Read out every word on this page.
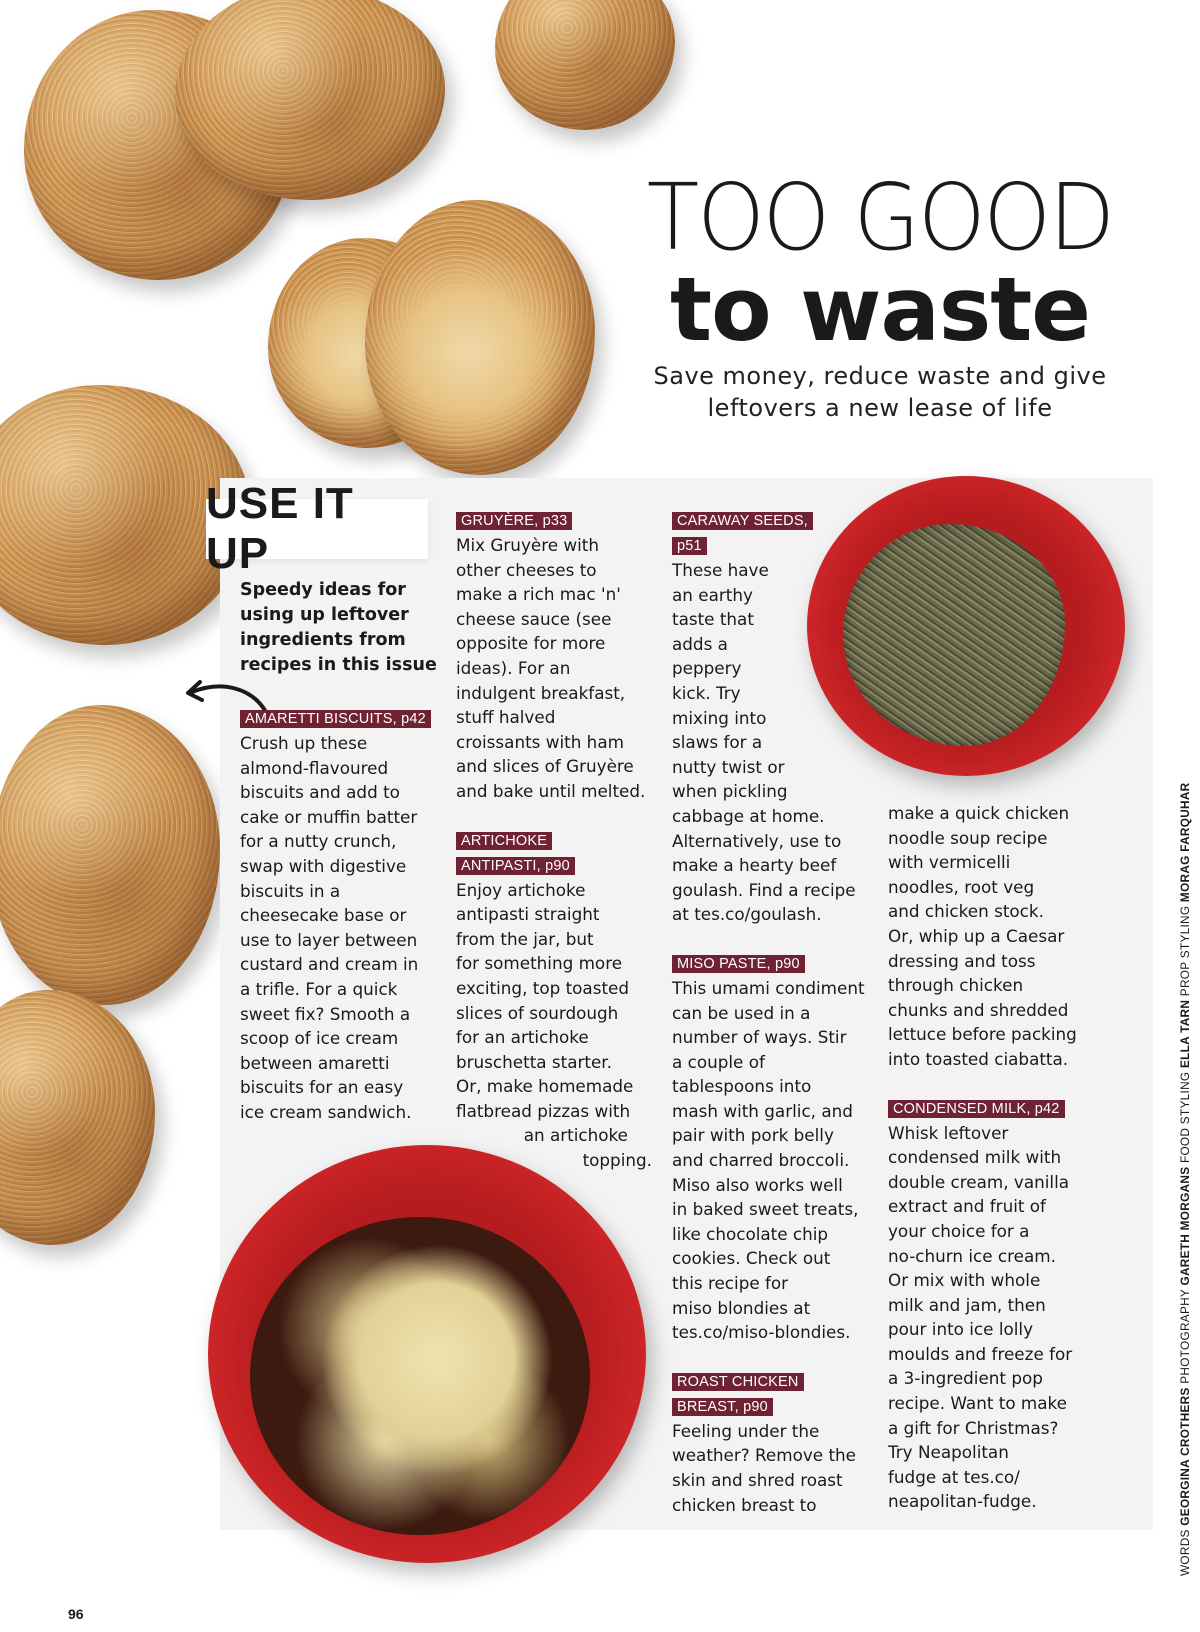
TOO GOOD
to waste
Save money, reduce waste and give
leftovers a new lease of life
USE IT UP
Speedy ideas for
using up leftover
ingredients from
recipes in this issue
AMARETTI BISCUITS, p42

Crush up these

almond-flavoured

biscuits and add to

cake or muffin batter

for a nutty crunch,

swap with digestive

biscuits in a

cheesecake base or

use to layer between

custard and cream in

a trifle. For a quick

sweet fix? Smooth a

scoop of ice cream

between amaretti

biscuits for an easy

ice cream sandwich.

GRUYÈRE, p33

Mix Gruyère with

other cheeses to

make a rich mac 'n'

cheese sauce (see

opposite for more

ideas). For an

indulgent breakfast,

stuff halved

croissants with ham

and slices of Gruyère

and bake until melted.

ARTICHOKE
ANTIPASTI, p90

Enjoy artichoke

antipasti straight

from the jar, but

for something more

exciting, top toasted

slices of sourdough

for an artichoke

bruschetta starter.

Or, make homemade

flatbread pizzas with

an artichoke

topping.

CARAWAY SEEDS,
p51

These have

an earthy

taste that

adds a

peppery

kick. Try

mixing into

slaws for a

nutty twist or

when pickling

cabbage at home.

Alternatively, use to

make a hearty beef

goulash. Find a recipe

at tes.co/goulash.

MISO PASTE, p90

This umami condiment

can be used in a

number of ways. Stir

a couple of

tablespoons into

mash with garlic, and

pair with pork belly

and charred broccoli.

Miso also works well

in baked sweet treats,

like chocolate chip

cookies. Check out

this recipe for

miso blondies at

tes.co/miso-blondies.

ROAST CHICKEN
BREAST, p90

Feeling under the

weather? Remove the

skin and shred roast

chicken breast to

make a quick chicken

noodle soup recipe

with vermicelli

noodles, root veg

and chicken stock.

Or, whip up a Caesar

dressing and toss

through chicken

chunks and shredded

lettuce before packing

into toasted ciabatta.

CONDENSED MILK, p42

Whisk leftover

condensed milk with

double cream, vanilla

extract and fruit of

your choice for a

no-churn ice cream.

Or mix with whole

milk and jam, then

pour into ice lolly

moulds and freeze for

a 3-ingredient pop

recipe. Want to make

a gift for Christmas?

Try Neapolitan

fudge at tes.co/

neapolitan-fudge.

WORDS GEORGINA CROTHERS PHOTOGRAPHY GARETH MORGANS FOOD STYLING ELLA TARN PROP STYLING MORAG FARQUHAR
96
